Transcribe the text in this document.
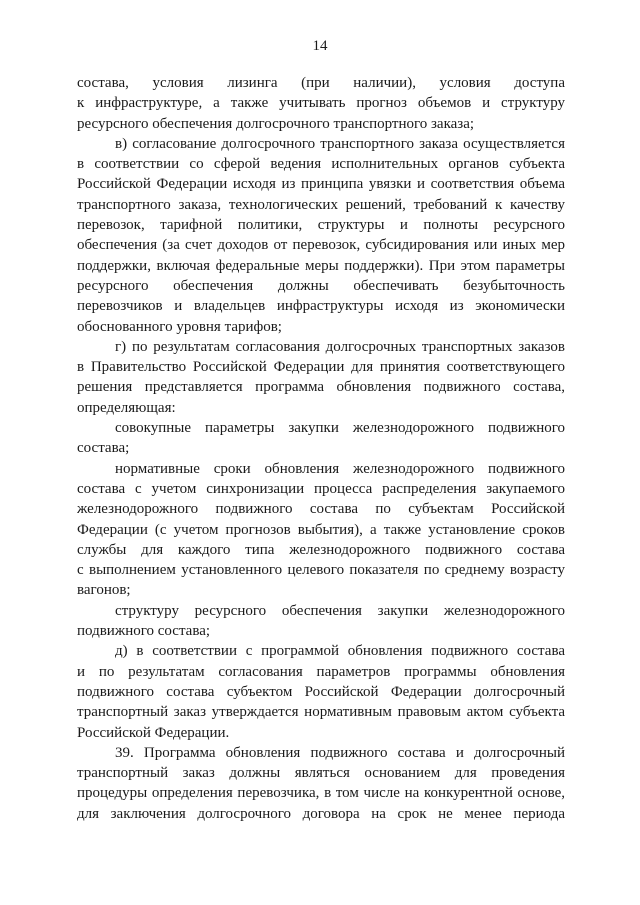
14
состава, условия лизинга (при наличии), условия доступа
к инфраструктуре, а также учитывать прогноз объемов и структуру
ресурсного обеспечения долгосрочного транспортного заказа;
в) согласование долгосрочного транспортного заказа осуществляется
в соответствии со сферой ведения исполнительных органов субъекта
Российской Федерации исходя из принципа увязки и соответствия объема
транспортного заказа, технологических решений, требований к качеству
перевозок, тарифной политики, структуры и полноты ресурсного
обеспечения (за счет доходов от перевозок, субсидирования или иных мер
поддержки, включая федеральные меры поддержки). При этом параметры
ресурсного обеспечения должны обеспечивать безубыточность
перевозчиков и владельцев инфраструктуры исходя из экономически
обоснованного уровня тарифов;
г) по результатам согласования долгосрочных транспортных заказов
в Правительство Российской Федерации для принятия соответствующего
решения представляется программа обновления подвижного состава,
определяющая:
совокупные параметры закупки железнодорожного подвижного
состава;
нормативные сроки обновления железнодорожного подвижного
состава с учетом синхронизации процесса распределения закупаемого
железнодорожного подвижного состава по субъектам Российской
Федерации (с учетом прогнозов выбытия), а также установление сроков
службы для каждого типа железнодорожного подвижного состава
с выполнением установленного целевого показателя по среднему возрасту
вагонов;
структуру ресурсного обеспечения закупки железнодорожного
подвижного состава;
д) в соответствии с программой обновления подвижного состава
и по результатам согласования параметров программы обновления
подвижного состава субъектом Российской Федерации долгосрочный
транспортный заказ утверждается нормативным правовым актом субъекта
Российской Федерации.
39. Программа обновления подвижного состава и долгосрочный
транспортный заказ должны являться основанием для проведения
процедуры определения перевозчика, в том числе на конкурентной основе,
для заключения долгосрочного договора на срок не менее периода
